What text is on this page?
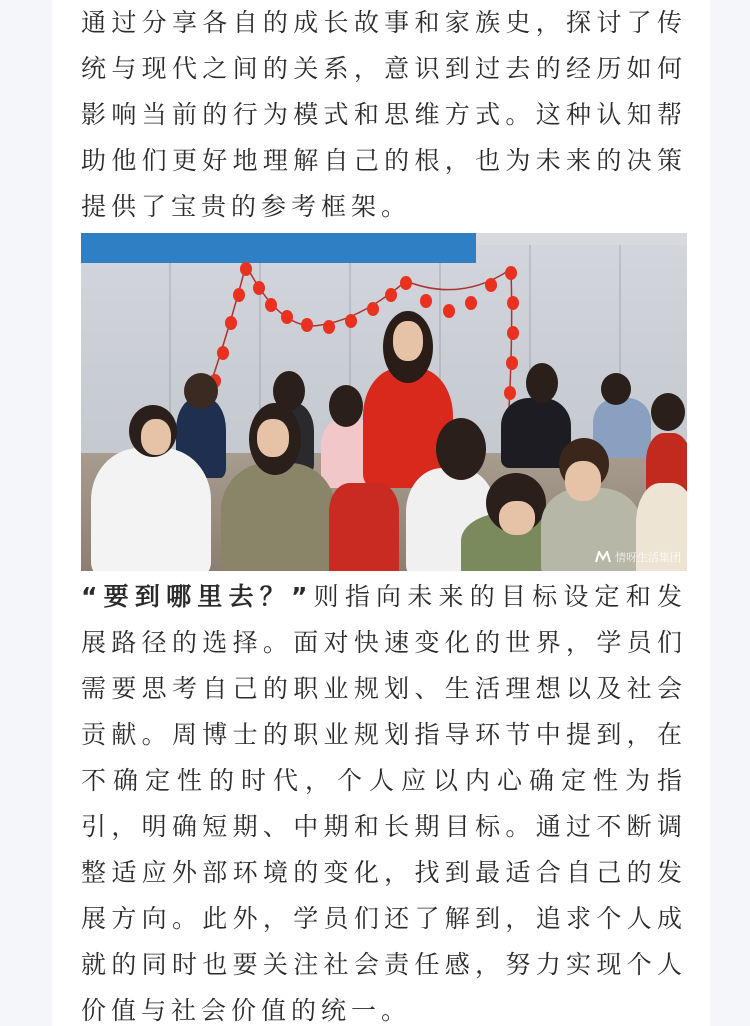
通过分享各自的成长故事和家族史，探讨了传统与现代之间的关系，意识到过去的经历如何影响当前的行为模式和思维方式。这种认知帮助他们更好地理解自己的根，也为未来的决策提供了宝贵的参考框架。

情呀生活集团

“要到哪里去？”则指向未来的目标设定和发展路径的选择。面对快速变化的世界，学员们需要思考自己的职业规划、生活理想以及社会贡献。周博士的职业规划指导环节中提到，在不确定性的时代，个人应以内心确定性为指引，明确短期、中期和长期目标。通过不断调整适应外部环境的变化，找到最适合自己的发展方向。此外，学员们还了解到，追求个人成就的同时也要关注社会责任感，努力实现个人价值与社会价值的统一。
